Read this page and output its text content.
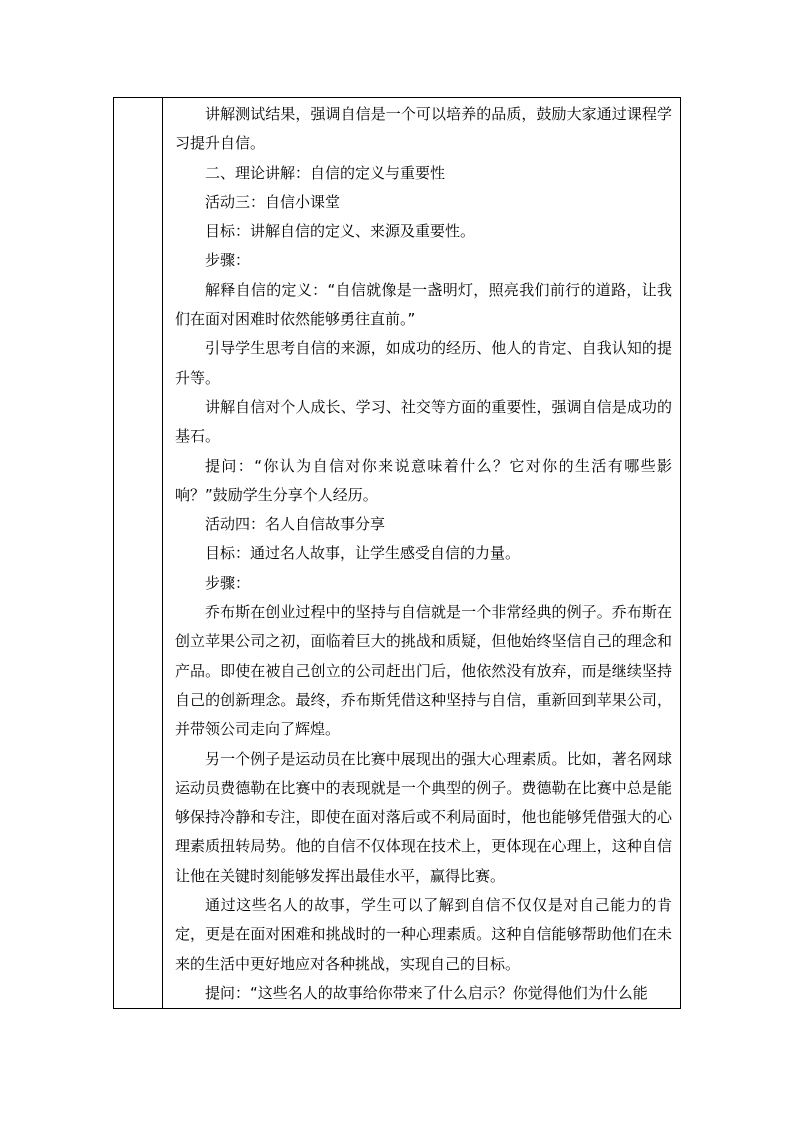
讲解测试结果，强调自信是一个可以培养的品质，鼓励大家通过课程学习提升自信。

二、理论讲解：自信的定义与重要性

活动三：自信小课堂

目标：讲解自信的定义、来源及重要性。

步骤：

解释自信的定义：“自信就像是一盏明灯，照亮我们前行的道路，让我们在面对困难时依然能够勇往直前。”

引导学生思考自信的来源，如成功的经历、他人的肯定、自我认知的提升等。

讲解自信对个人成长、学习、社交等方面的重要性，强调自信是成功的基石。

提问：“你认为自信对你来说意味着什么？它对你的生活有哪些影响？”鼓励学生分享个人经历。

活动四：名人自信故事分享

目标：通过名人故事，让学生感受自信的力量。

步骤：

乔布斯在创业过程中的坚持与自信就是一个非常经典的例子。乔布斯在创立苹果公司之初，面临着巨大的挑战和质疑，但他始终坚信自己的理念和产品。即使在被自己创立的公司赶出门后，他依然没有放弃，而是继续坚持自己的创新理念。最终，乔布斯凭借这种坚持与自信，重新回到苹果公司，并带领公司走向了辉煌。

另一个例子是运动员在比赛中展现出的强大心理素质。比如，著名网球运动员费德勒在比赛中的表现就是一个典型的例子。费德勒在比赛中总是能够保持冷静和专注，即使在面对落后或不利局面时，他也能够凭借强大的心理素质扭转局势。他的自信不仅体现在技术上，更体现在心理上，这种自信让他在关键时刻能够发挥出最佳水平，赢得比赛。

通过这些名人的故事，学生可以了解到自信不仅仅是对自己能力的肯定，更是在面对困难和挑战时的一种心理素质。这种自信能够帮助他们在未来的生活中更好地应对各种挑战，实现自己的目标。

提问：“这些名人的故事给你带来了什么启示？你觉得他们为什么能
